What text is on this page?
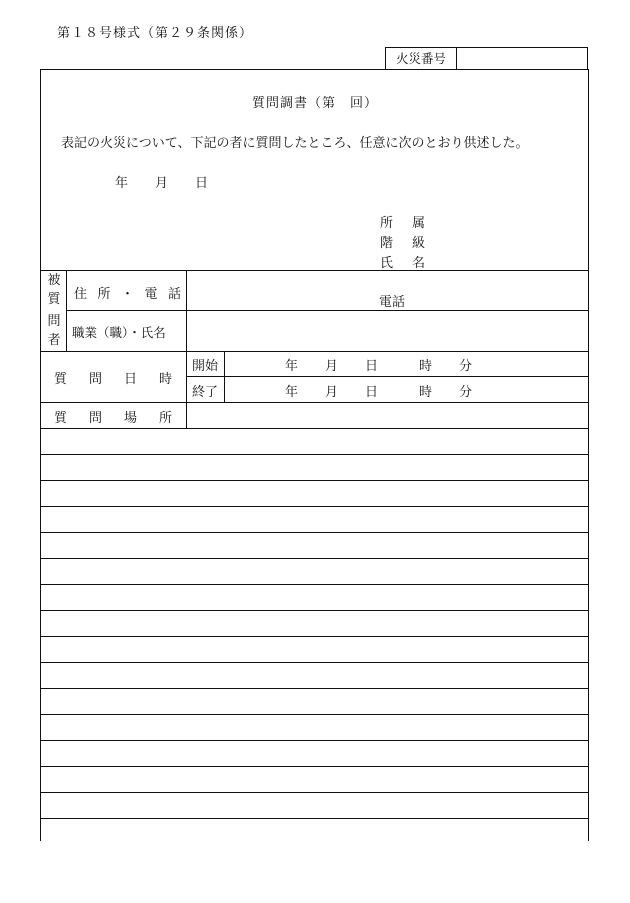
第１８号様式（第２９条関係）
火災番号
質問調書（第　回）
表記の火災について、下記の者に質問したところ、任意に次のとおり供述した。
年 月 日
所 属
階 級
氏 名
被
質
問
者
住 所 ・ 電 話
電話
職業（職）・氏名
質 問 日 時
開始
終了
年 月 日	時 分
年 月 日	時 分
質 問 場 所
